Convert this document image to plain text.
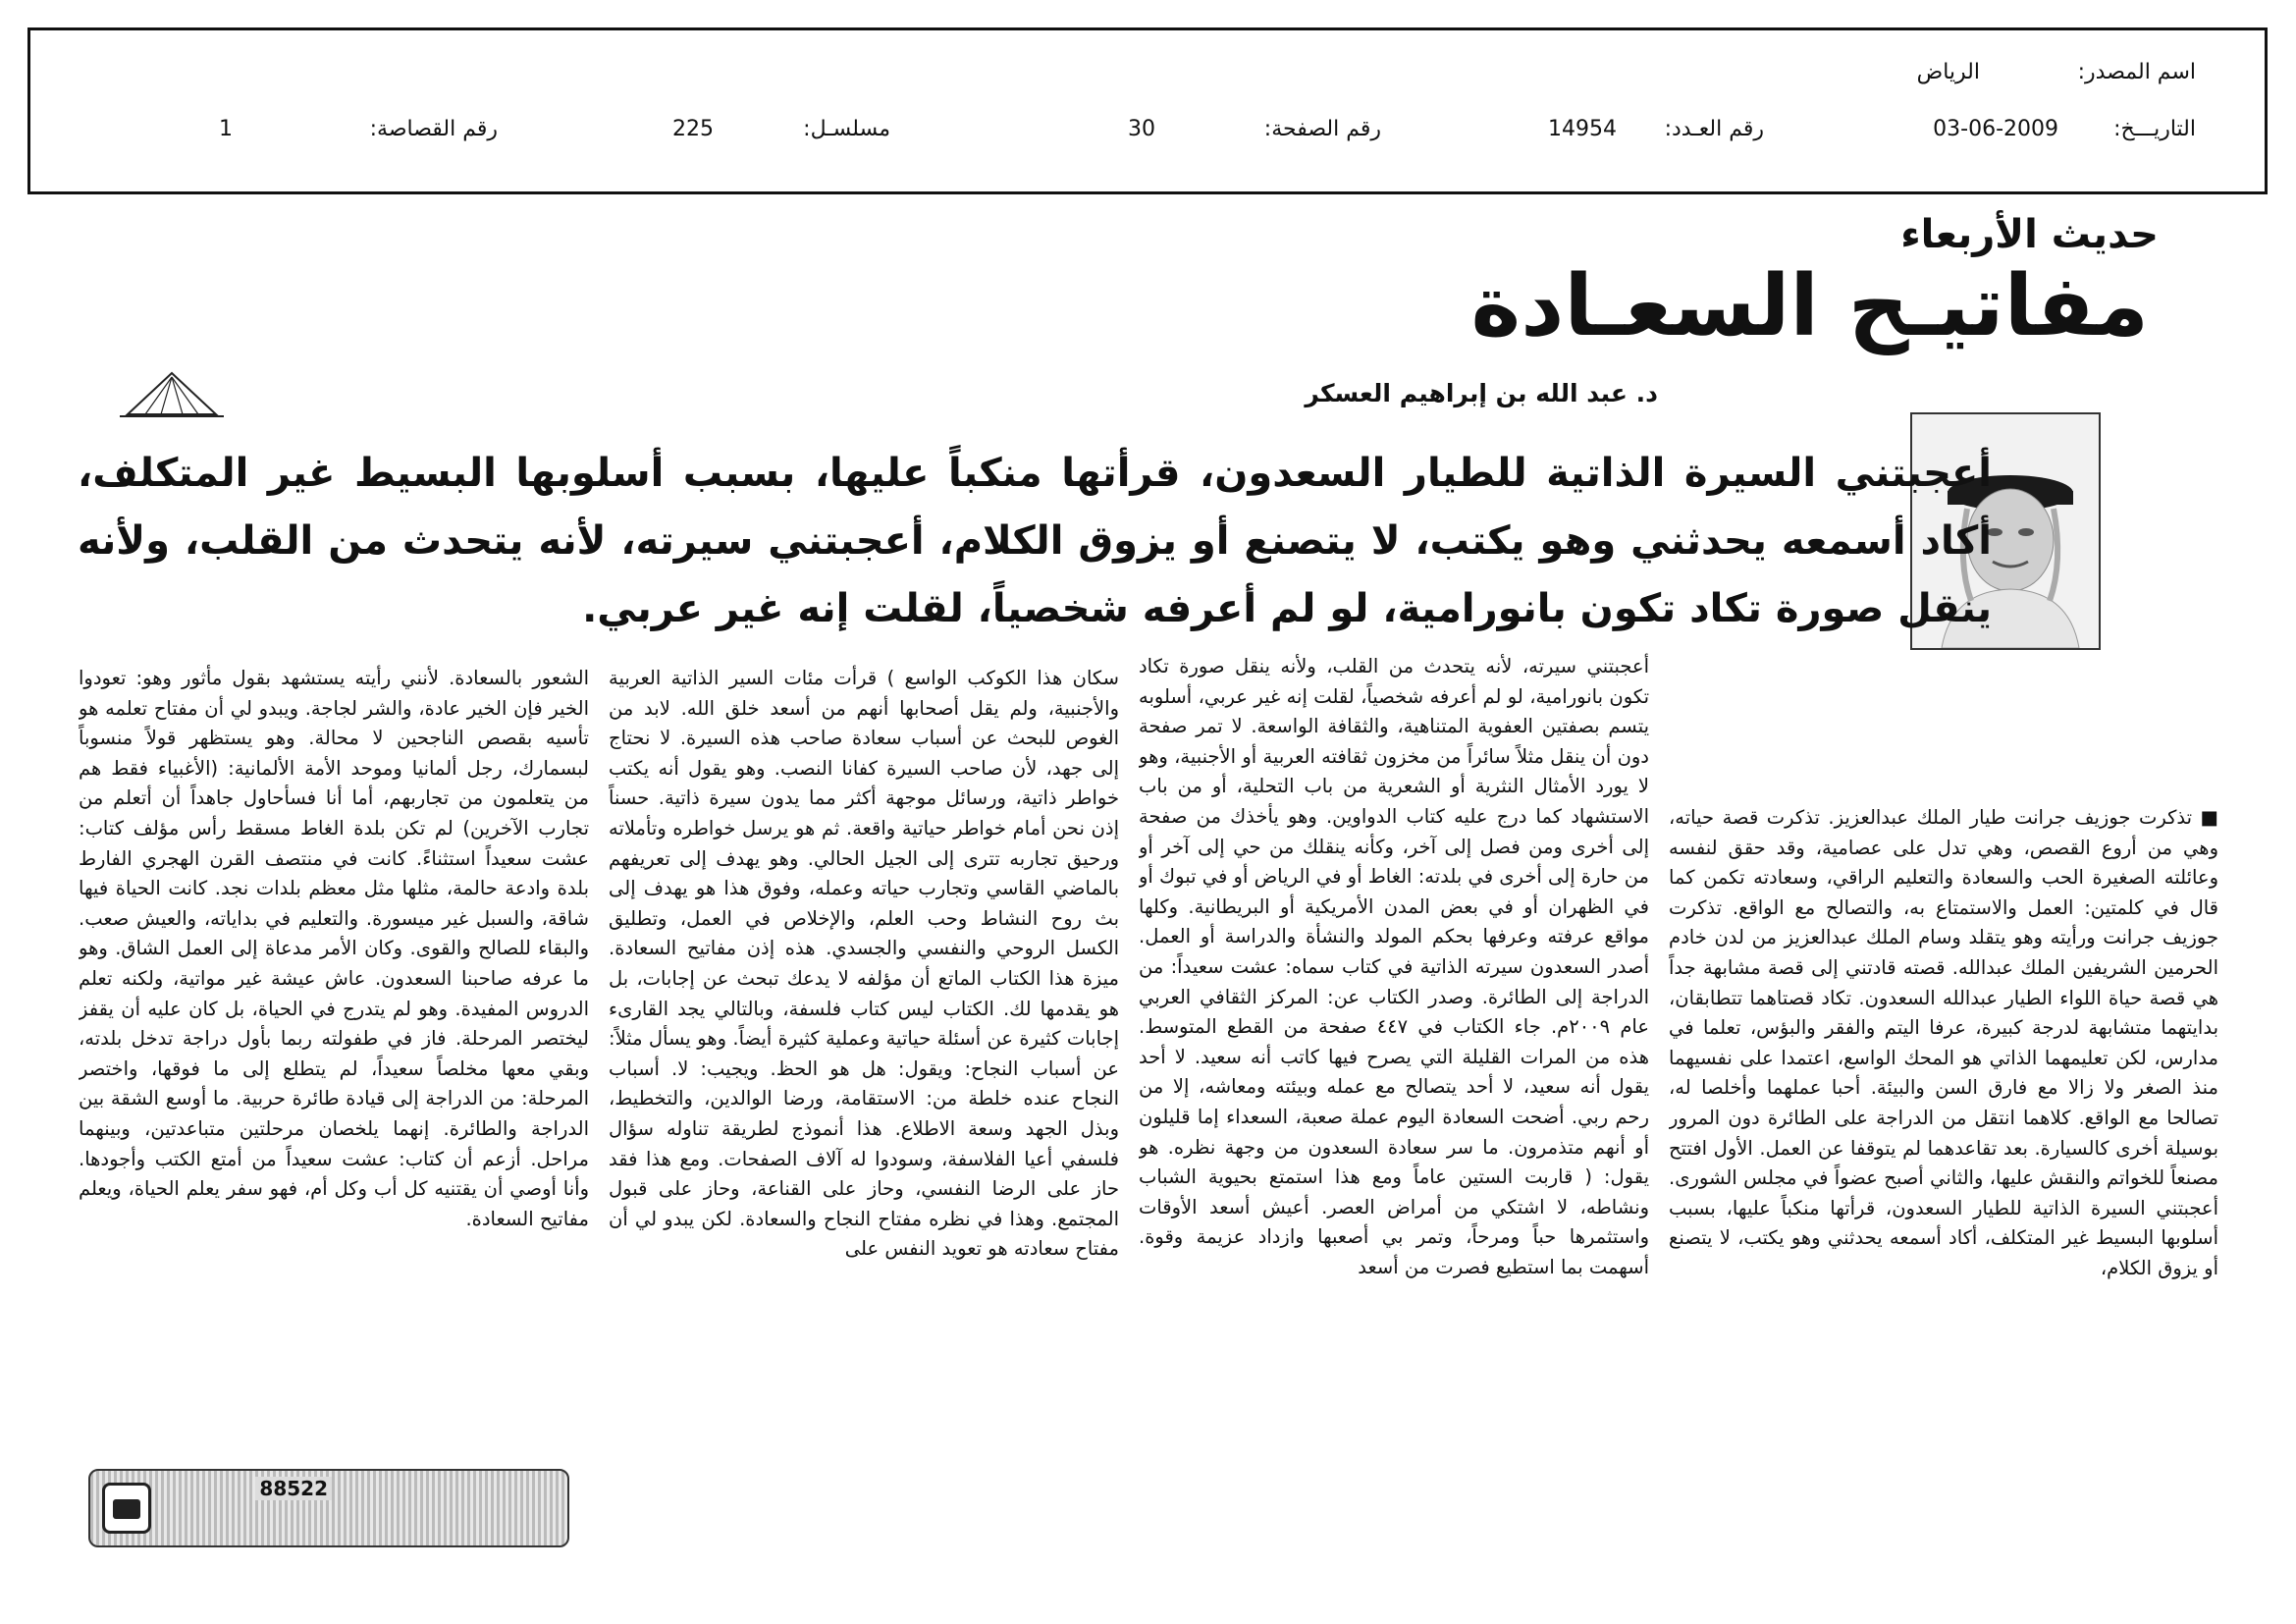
اسم المصدر:
الرياض
التاريـــخ:
03-06-2009
رقم العـدد:
14954
رقم الصفحة:
30
مسلسـل:
225
رقم القصاصة:
1
حديث الأربعاء
مفاتيـح السعـادة
د. عبد الله بن إبراهيم العسكر
أعجبتني السيرة الذاتية للطيار السعدون، قرأتها منكباً عليها، بسبب أسلوبها البسيط غير المتكلف، أكاد أسمعه يحدثني وهو يكتب، لا يتصنع أو يزوق الكلام، أعجبتني سيرته، لأنه يتحدث من القلب، ولأنه ينقل صورة تكاد تكون بانورامية، لو لم أعرفه شخصياً، لقلت إنه غير عربي.
■ تذكرت جوزيف جرانت طيار الملك عبدالعزيز. تذكرت قصة حياته، وهي من أروع القصص، وهي تدل على عصامية، وقد حقق لنفسه وعائلته الصغيرة الحب والسعادة والتعليم الراقي، وسعادته تكمن كما قال في كلمتين: العمل والاستمتاع به، والتصالح مع الواقع. تذكرت جوزيف جرانت ورأيته وهو يتقلد وسام الملك عبدالعزيز من لدن خادم الحرمين الشريفين الملك عبدالله. قصته قادتني إلى قصة مشابهة جداً هي قصة حياة اللواء الطيار عبدالله السعدون. تكاد قصتاهما تتطابقان، بدايتهما متشابهة لدرجة كبيرة، عرفا اليتم والفقر والبؤس، تعلما في مدارس، لكن تعليمهما الذاتي هو المحك الواسع، اعتمدا على نفسيهما منذ الصغر ولا زالا مع فارق السن والبيئة. أحبا عملهما وأخلصا له، تصالحا مع الواقع. كلاهما انتقل من الدراجة على الطائرة دون المرور بوسيلة أخرى كالسيارة. بعد تقاعدهما لم يتوقفا عن العمل. الأول افتتح مصنعاً للخواتم والنقش عليها، والثاني أصبح عضواً في مجلس الشورى. أعجبتني السيرة الذاتية للطيار السعدون، قرأتها منكباً عليها، بسبب أسلوبها البسيط غير المتكلف، أكاد أسمعه يحدثني وهو يكتب، لا يتصنع أو يزوق الكلام،
أعجبتني سيرته، لأنه يتحدث من القلب، ولأنه ينقل صورة تكاد تكون بانورامية، لو لم أعرفه شخصياً، لقلت إنه غير عربي، أسلوبه يتسم بصفتين العفوية المتناهية، والثقافة الواسعة. لا تمر صفحة دون أن ينقل مثلاً سائراً من مخزون ثقافته العربية أو الأجنبية، وهو لا يورد الأمثال النثرية أو الشعرية من باب التحلية، أو من باب الاستشهاد كما درج عليه كتاب الدواوين. وهو يأخذك من صفحة إلى أخرى ومن فصل إلى آخر، وكأنه ينقلك من حي إلى آخر أو من حارة إلى أخرى في بلدته: الغاط أو في الرياض أو في تبوك أو في الظهران أو في بعض المدن الأمريكية أو البريطانية. وكلها مواقع عرفته وعرفها بحكم المولد والنشأة والدراسة أو العمل. أصدر السعدون سيرته الذاتية في كتاب سماه: عشت سعيداً: من الدراجة إلى الطائرة. وصدر الكتاب عن: المركز الثقافي العربي عام ٢٠٠٩م. جاء الكتاب في ٤٤٧ صفحة من القطع المتوسط. هذه من المرات القليلة التي يصرح فيها كاتب أنه سعيد. لا أحد يقول أنه سعيد، لا أحد يتصالح مع عمله وبيئته ومعاشه، إلا من رحم ربي. أضحت السعادة اليوم عملة صعبة، السعداء إما قليلون أو أنهم متذمرون. ما سر سعادة السعدون من وجهة نظره. هو يقول: ( قاربت الستين عاماً ومع هذا استمتع بحيوية الشباب ونشاطه، لا اشتكي من أمراض العصر. أعيش أسعد الأوقات واستثمرها حباً ومرحاً، وتمر بي أصعبها وازداد عزيمة وقوة. أسهمت بما استطيع فصرت من أسعد
سكان هذا الكوكب الواسع ) قرأت مئات السير الذاتية العربية والأجنبية، ولم يقل أصحابها أنهم من أسعد خلق الله. لابد من الغوص للبحث عن أسباب سعادة صاحب هذه السيرة. لا نحتاج إلى جهد، لأن صاحب السيرة كفانا النصب. وهو يقول أنه يكتب خواطر ذاتية، ورسائل موجهة أكثر مما يدون سيرة ذاتية. حسناً إذن نحن أمام خواطر حياتية واقعة. ثم هو يرسل خواطره وتأملاته ورحيق تجاربه تترى إلى الجيل الحالي. وهو يهدف إلى تعريفهم بالماضي القاسي وتجارب حياته وعمله، وفوق هذا هو يهدف إلى بث روح النشاط وحب العلم، والإخلاص في العمل، وتطليق الكسل الروحي والنفسي والجسدي. هذه إذن مفاتيح السعادة. ميزة هذا الكتاب الماتع أن مؤلفه لا يدعك تبحث عن إجابات، بل هو يقدمها لك. الكتاب ليس كتاب فلسفة، وبالتالي يجد القارىء إجابات كثيرة عن أسئلة حياتية وعملية كثيرة أيضاً. وهو يسأل مثلاً: عن أسباب النجاح: ويقول: هل هو الحظ. ويجيب: لا. أسباب النجاح عنده خلطة من: الاستقامة، ورضا الوالدين، والتخطيط، وبذل الجهد وسعة الاطلاع. هذا أنموذج لطريقة تناوله سؤال فلسفي أعيا الفلاسفة، وسودوا له آلاف الصفحات. ومع هذا فقد حاز على الرضا النفسي، وحاز على القناعة، وحاز على قبول المجتمع. وهذا في نظره مفتاح النجاح والسعادة. لكن يبدو لي أن مفتاح سعادته هو تعويد النفس على
الشعور بالسعادة. لأنني رأيته يستشهد بقول مأثور وهو: تعودوا الخير فإن الخير عادة، والشر لجاجة. ويبدو لي أن مفتاح تعلمه هو تأسيه بقصص الناجحين لا محالة. وهو يستظهر قولاً منسوباً لبسمارك، رجل ألمانيا وموحد الأمة الألمانية: (الأغبياء فقط هم من يتعلمون من تجاربهم، أما أنا فسأحاول جاهداً أن أتعلم من تجارب الآخرين) لم تكن بلدة الغاط مسقط رأس مؤلف كتاب: عشت سعيداً استثناءً. كانت في منتصف القرن الهجري الفارط بلدة وادعة حالمة، مثلها مثل معظم بلدات نجد. كانت الحياة فيها شاقة، والسبل غير ميسورة. والتعليم في بداياته، والعيش صعب. والبقاء للصالح والقوى. وكان الأمر مدعاة إلى العمل الشاق. وهو ما عرفه صاحبنا السعدون. عاش عيشة غير مواتية، ولكنه تعلم الدروس المفيدة. وهو لم يتدرج في الحياة، بل كان عليه أن يقفز ليختصر المرحلة. فاز في طفولته ربما بأول دراجة تدخل بلدته، وبقي معها مخلصاً سعيداً، لم يتطلع إلى ما فوقها، واختصر المرحلة: من الدراجة إلى قيادة طائرة حربية. ما أوسع الشقة بين الدراجة والطائرة. إنهما يلخصان مرحلتين متباعدتين، وبينهما مراحل. أزعم أن كتاب: عشت سعيداً من أمتع الكتب وأجودها. وأنا أوصي أن يقتنيه كل أب وكل أم، فهو سفر يعلم الحياة، ويعلم مفاتيح السعادة.
88522
